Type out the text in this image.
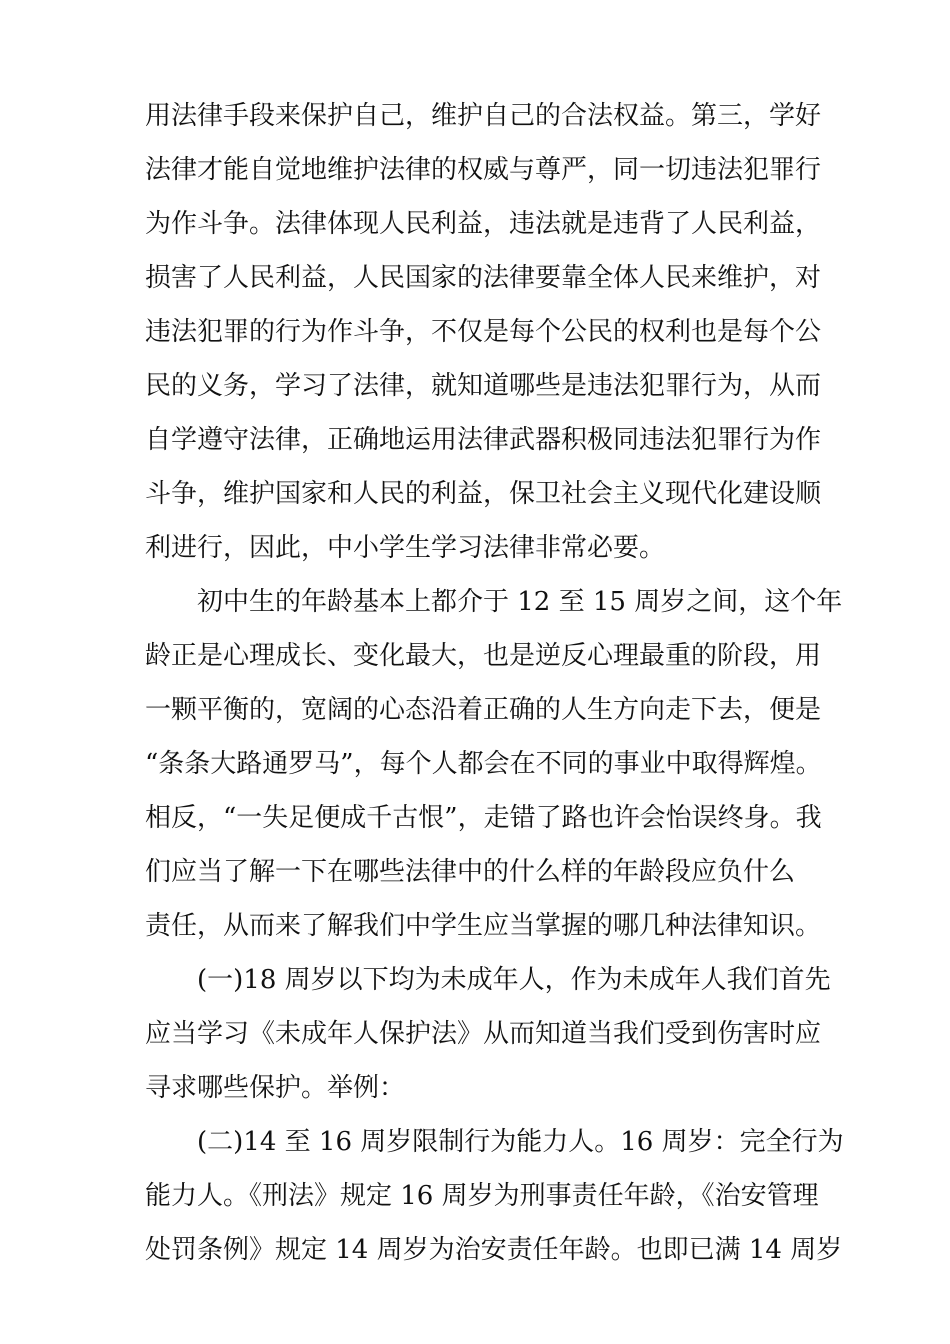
用法律手段来保护自己，维护自己的合法权益。第三，学好

法律才能自觉地维护法律的权威与尊严，同一切违法犯罪行

为作斗争。法律体现人民利益，违法就是违背了人民利益，

损害了人民利益，人民国家的法律要靠全体人民来维护，对

违法犯罪的行为作斗争，不仅是每个公民的权利也是每个公

民的义务，学习了法律，就知道哪些是违法犯罪行为，从而

自学遵守法律，正确地运用法律武器积极同违法犯罪行为作

斗争，维护国家和人民的利益，保卫社会主义现代化建设顺

利进行，因此，中小学生学习法律非常必要。

初中生的年龄基本上都介于 12 至 15 周岁之间，这个年

龄正是心理成长、变化最大，也是逆反心理最重的阶段，用

一颗平衡的，宽阔的心态沿着正确的人生方向走下去，便是

“条条大路通罗马”，每个人都会在不同的事业中取得辉煌。

相反，“一失足便成千古恨”，走错了路也许会怡误终身。我

们应当了解一下在哪些法律中的什么样的年龄段应负什么

责任，从而来了解我们中学生应当掌握的哪几种法律知识。

(一)18 周岁以下均为未成年人，作为未成年人我们首先

应当学习《未成年人保护法》从而知道当我们受到伤害时应

寻求哪些保护。举例：

(二)14 至 16 周岁限制行为能力人。16 周岁：完全行为

能力人。《刑法》规定 16 周岁为刑事责任年龄，《治安管理

处罚条例》规定 14 周岁为治安责任年龄。也即已满 14 周岁
